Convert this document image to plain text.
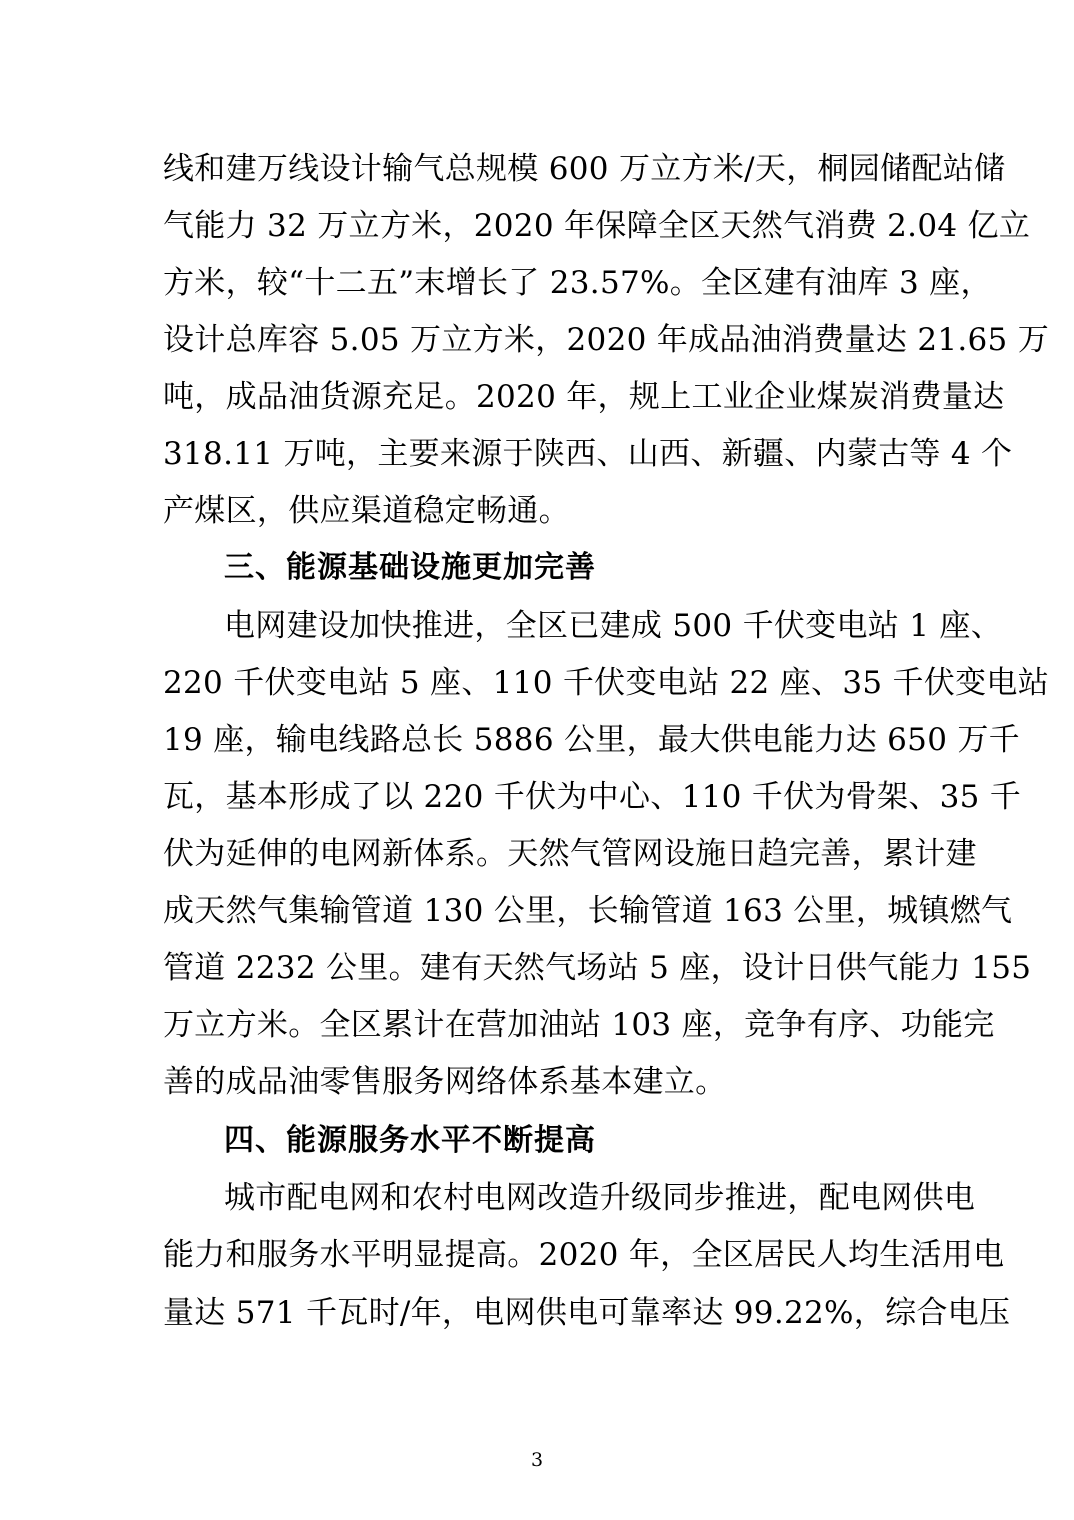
线和建万线设计输气总规模 600 万立方米/天，桐园储配站储
气能力 32 万立方米，2020 年保障全区天然气消费 2.04 亿立
方米，较“十二五”末增长了 23.57%。全区建有油库 3 座，
设计总库容 5.05 万立方米，2020 年成品油消费量达 21.65 万
吨，成品油货源充足。2020 年，规上工业企业煤炭消费量达
318.11 万吨，主要来源于陕西、山西、新疆、内蒙古等 4 个
产煤区，供应渠道稳定畅通。
三、能源基础设施更加完善
电网建设加快推进，全区已建成 500 千伏变电站 1 座、
220 千伏变电站 5 座、110 千伏变电站 22 座、35 千伏变电站
19 座，输电线路总长 5886 公里，最大供电能力达 650 万千
瓦，基本形成了以 220 千伏为中心、110 千伏为骨架、35 千
伏为延伸的电网新体系。天然气管网设施日趋完善，累计建
成天然气集输管道 130 公里，长输管道 163 公里，城镇燃气
管道 2232 公里。建有天然气场站 5 座，设计日供气能力 155
万立方米。全区累计在营加油站 103 座，竞争有序、功能完
善的成品油零售服务网络体系基本建立。
四、能源服务水平不断提高
城市配电网和农村电网改造升级同步推进，配电网供电
能力和服务水平明显提高。2020 年，全区居民人均生活用电
量达 571 千瓦时/年，电网供电可靠率达 99.22%，综合电压
3
